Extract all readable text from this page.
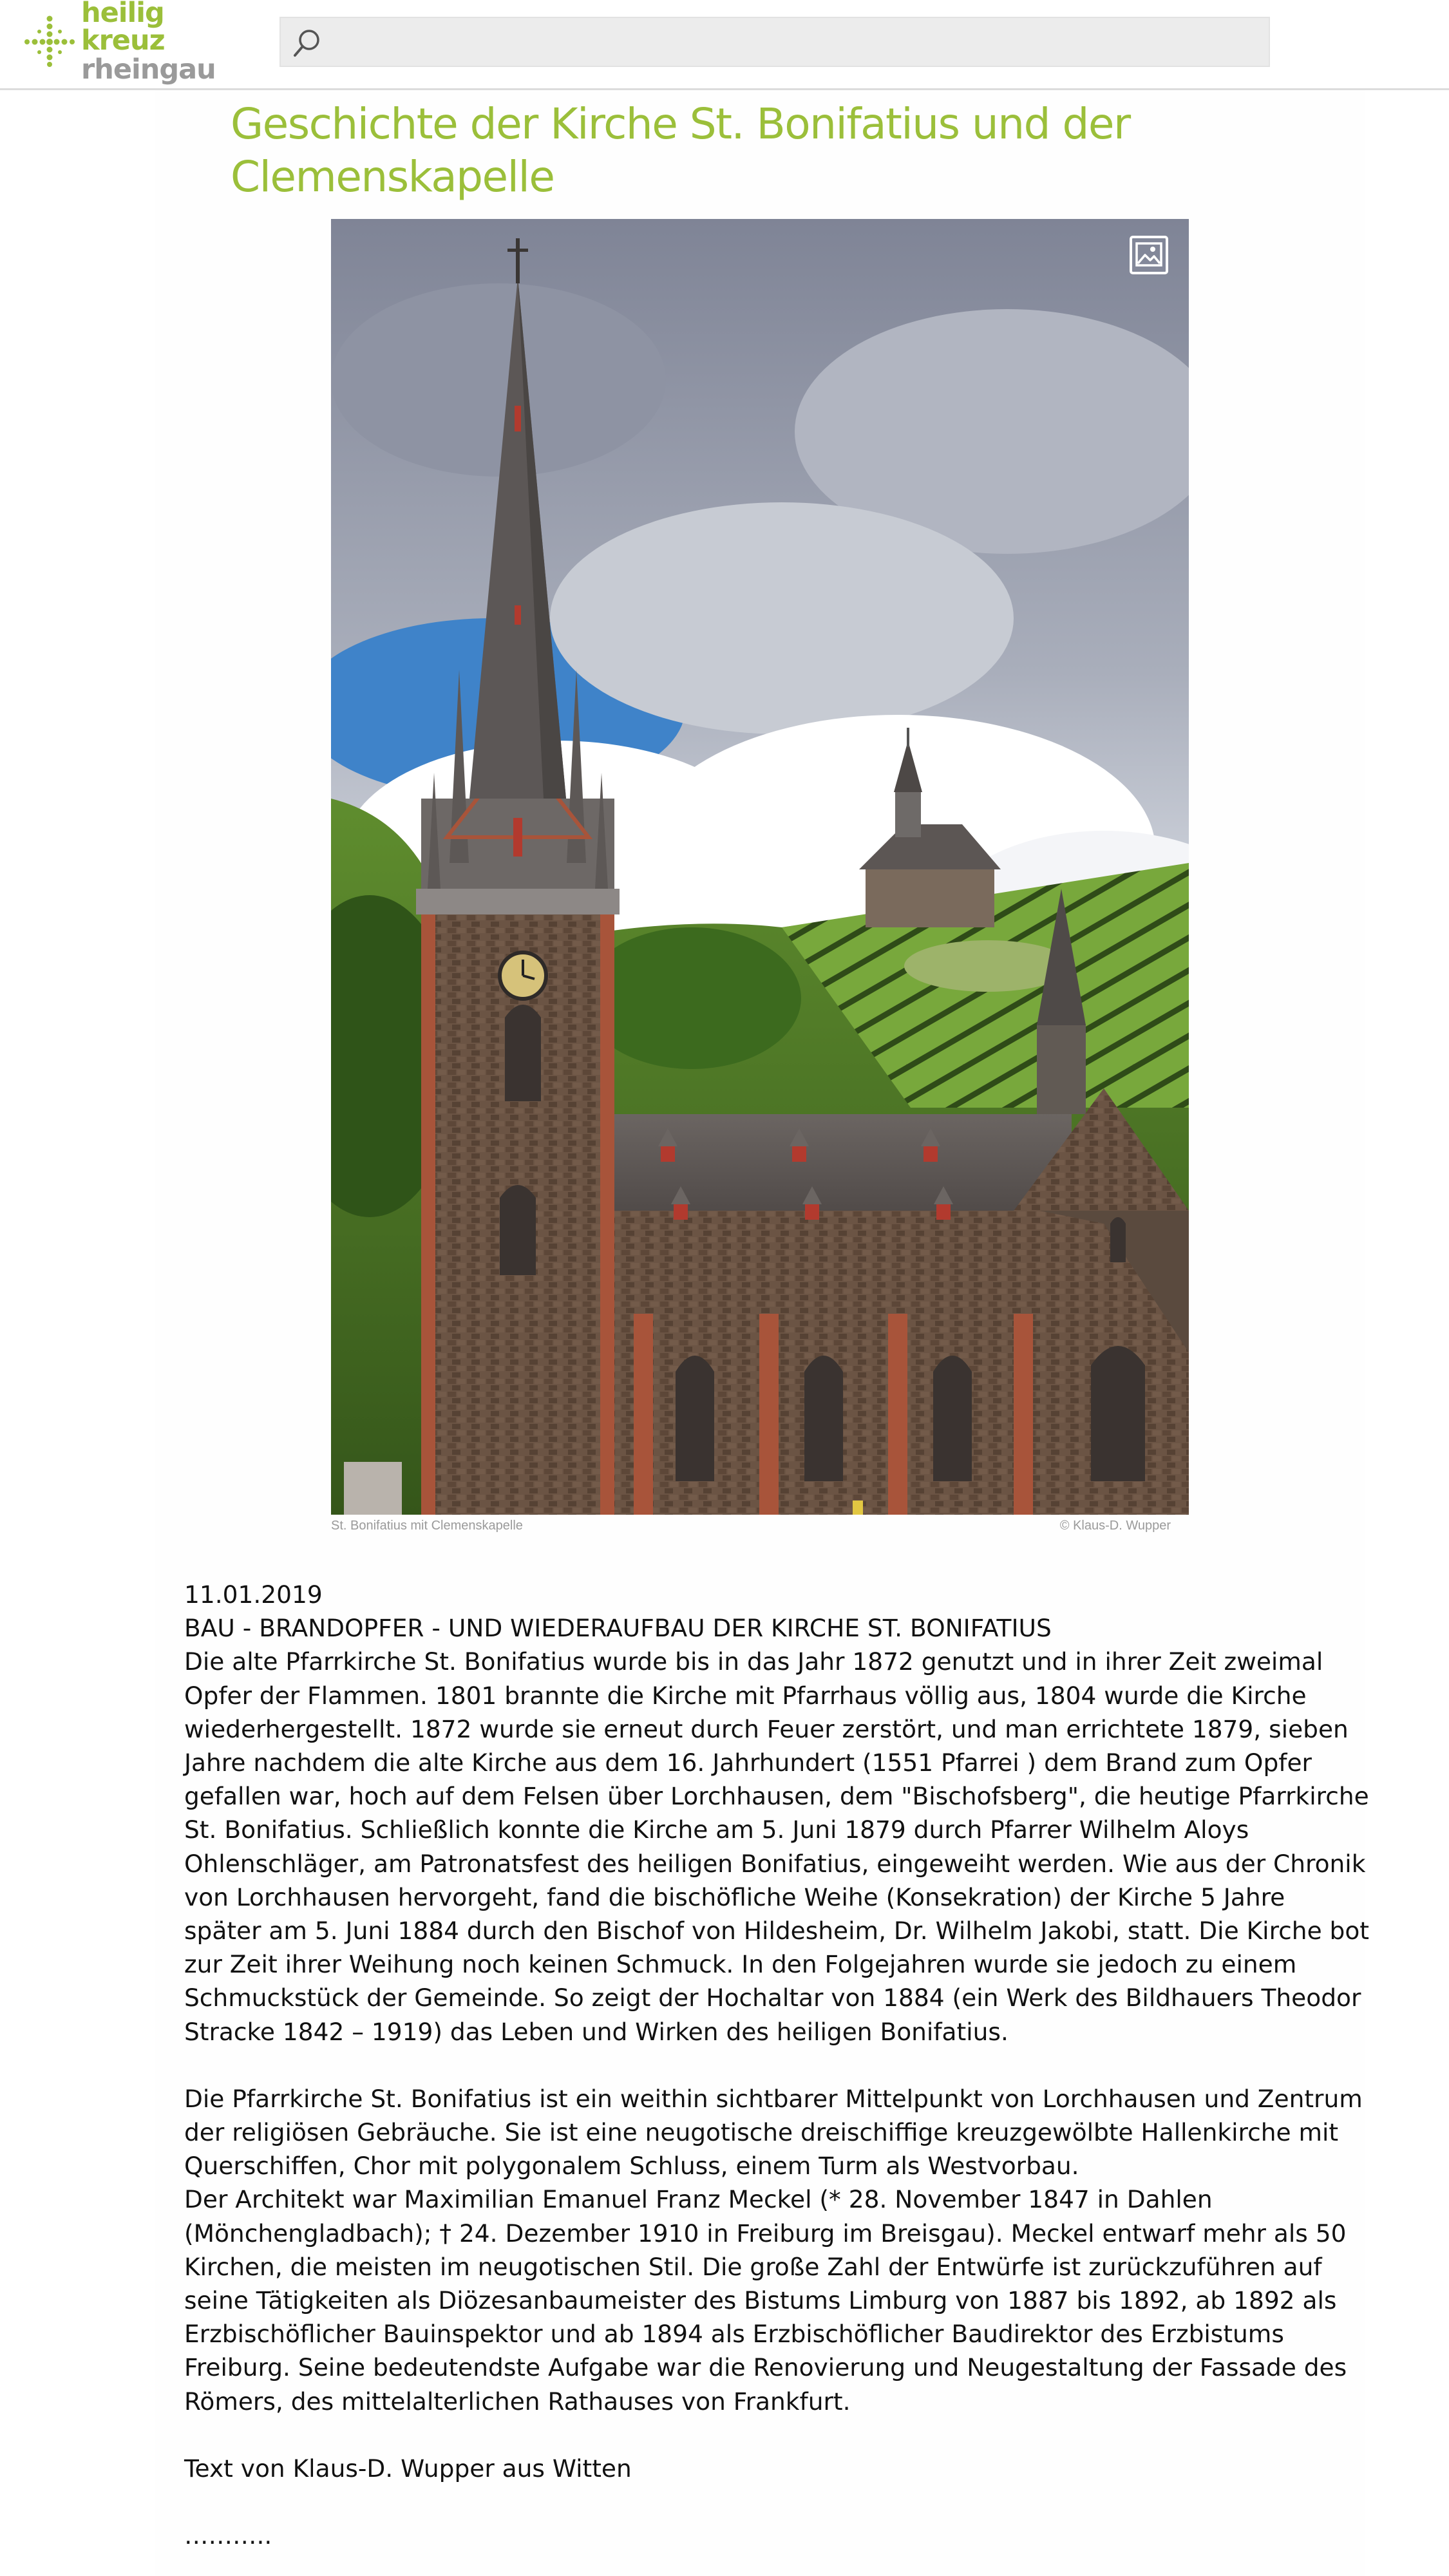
heilig kreuz
rheingau
Geschichte der Kirche St. Bonifatius und der Clemenskapelle
St. Bonifatius mit Clemenskapelle	© Klaus-D. Wupper

11.01.2019

BAU - BRANDOPFER - UND WIEDERAUFBAU DER KIRCHE ST. BONIFATIUS

Die alte Pfarrkirche St. Bonifatius wurde bis in das Jahr 1872 genutzt und in ihrer Zeit zweimal Opfer der Flammen. 1801 brannte die Kirche mit Pfarrhaus völlig aus, 1804 wurde die Kirche wiederhergestellt. 1872 wurde sie erneut durch Feuer zerstört, und man errichtete 1879, sieben Jahre nachdem die alte Kirche aus dem 16. Jahrhundert (1551 Pfarrei ) dem Brand zum Opfer gefallen war, hoch auf dem Felsen über Lorchhausen, dem "Bischofsberg", die heutige Pfarrkirche St. Bonifatius. Schließlich konnte die Kirche am 5. Juni 1879 durch Pfarrer Wilhelm Aloys Ohlenschläger, am Patronatsfest des heiligen Bonifatius, eingeweiht werden. Wie aus der Chronik von Lorchhausen hervorgeht, fand die bischöfliche Weihe (Konsekration) der Kirche 5 Jahre später am 5. Juni 1884 durch den Bischof von Hildesheim, Dr. Wilhelm Jakobi, statt. Die Kirche bot zur Zeit ihrer Weihung noch keinen Schmuck. In den Folgejahren wurde sie jedoch zu einem Schmuckstück der Gemeinde. So zeigt der Hochaltar von 1884 (ein Werk des Bildhauers Theodor Stracke 1842 – 1919) das Leben und Wirken des heiligen Bonifatius.

Die Pfarrkirche St. Bonifatius ist ein weithin sichtbarer Mittelpunkt von Lorchhausen und Zentrum der religiösen Gebräuche. Sie ist eine neugotische dreischiffige kreuzgewölbte Hallenkirche mit Querschiffen, Chor mit polygonalem Schluss, einem Turm als Westvorbau.

Der Architekt war Maximilian Emanuel Franz Meckel (* 28. November 1847 in Dahlen (Mönchengladbach); † 24. Dezember 1910 in Freiburg im Breisgau). Meckel entwarf mehr als 50 Kirchen, die meisten im neugotischen Stil. Die große Zahl der Entwürfe ist zurückzuführen auf seine Tätigkeiten als Diözesanbaumeister des Bistums Limburg von 1887 bis 1892, ab 1892 als Erzbischöflicher Bauinspektor und ab 1894 als Erzbischöflicher Baudirektor des Erzbistums Freiburg. Seine bedeutendste Aufgabe war die Renovierung und Neugestaltung der Fassade des Römers, des mittelalterlichen Rathauses von Frankfurt.

Text von Klaus-D. Wupper aus Witten

………..
